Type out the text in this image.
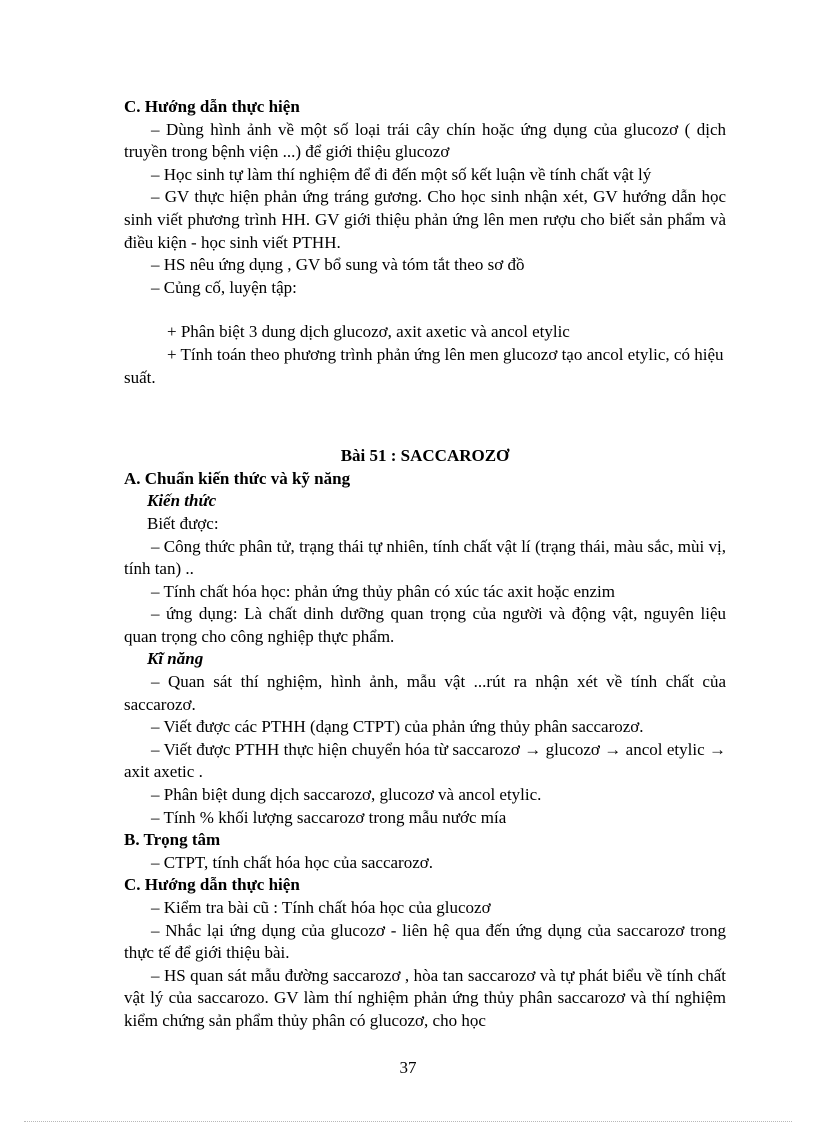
C. Hướng dẫn thực hiện

– Dùng hình ảnh về một số loại trái cây chín hoặc ứng dụng của glucozơ ( dịch truyền trong bệnh viện ...) để giới thiệu glucozơ

– Học sinh tự làm thí nghiệm để đi đến một số kết luận về tính chất vật lý

– GV thực hiện phản ứng tráng gương. Cho học sinh nhận xét, GV hướng dẫn học sinh viết phương trình HH. GV giới thiệu phản ứng lên men rượu cho biết sản phẩm và điều kiện - học sinh viết PTHH.

– HS nêu ứng dụng , GV bổ sung và tóm tắt theo sơ đồ

– Củng cố, luyện tập:

+ Phân biệt 3 dung dịch glucozơ, axit axetic và ancol etylic

+ Tính toán theo phương trình phản ứng lên men glucozơ tạo ancol etylic, có hiệu suất.

Bài 51 : SACCAROZƠ

A. Chuẩn kiến thức và kỹ năng

Kiến thức

Biết được:

– Công thức phân tử, trạng thái tự nhiên, tính chất vật lí (trạng thái, màu sắc, mùi vị, tính tan) ..

– Tính chất hóa học: phản ứng thủy phân có xúc tác axit hoặc enzim

– ứng dụng: Là chất dinh dưỡng quan trọng của người và động vật, nguyên liệu quan trọng cho công nghiệp thực phẩm.

Kĩ năng

– Quan sát thí nghiệm, hình ảnh, mẫu vật ...rút ra nhận xét về tính chất của saccarozơ.

– Viết được các PTHH (dạng CTPT) của phản ứng thủy phân saccarozơ.

– Viết được PTHH thực hiện chuyển hóa từ saccarozơ → glucozơ → ancol etylic → axit axetic .

– Phân biệt dung dịch saccarozơ, glucozơ và ancol etylic.

– Tính % khối lượng saccarozơ trong mẫu nước mía

B. Trọng tâm

– CTPT, tính chất hóa học của saccarozơ.

C. Hướng dẫn thực hiện

– Kiểm tra bài cũ : Tính chất hóa học của glucozơ

– Nhắc lại ứng dụng của glucozơ - liên hệ qua đến ứng dụng của saccarozơ trong thực tế để giới thiệu bài.

– HS quan sát mẫu đường saccarozơ , hòa tan saccarozơ và tự phát biểu về tính chất vật lý của saccarozo. GV làm thí nghiệm phản ứng thủy phân saccarozơ và thí nghiệm kiểm chứng sản phẩm thủy phân có glucozơ, cho học

37
